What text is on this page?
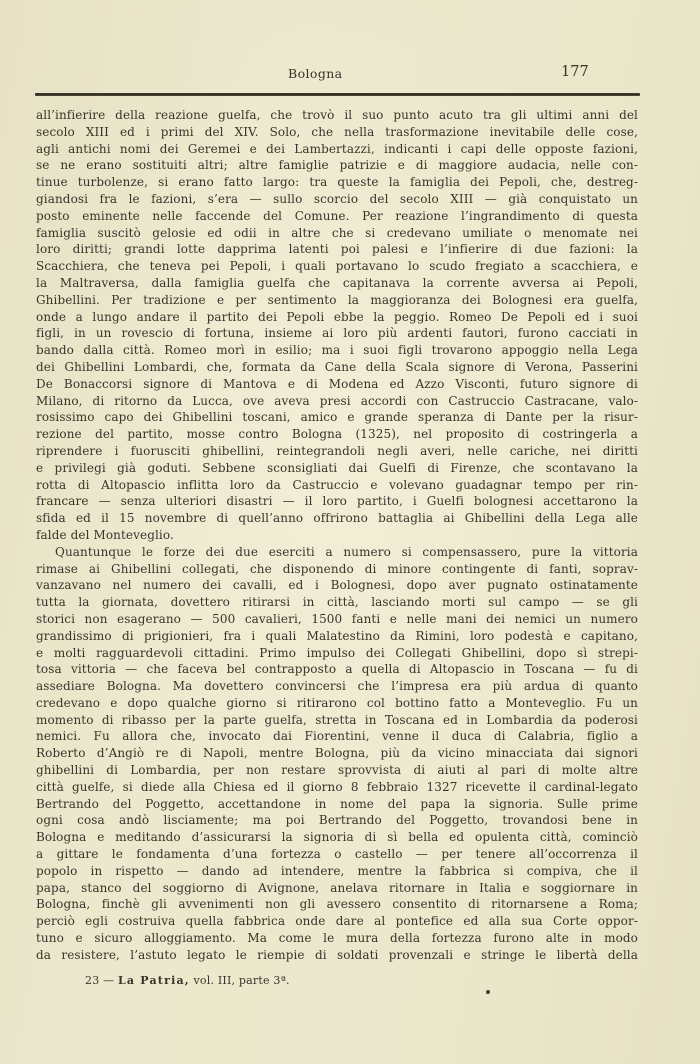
Bologna	177
all’infierire della reazione guelfa, che trovò il suo punto acuto tra gli ultimi anni del
secolo XIII ed i primi del XIV. Solo, che nella trasformazione inevitabile delle cose,
agli antichi nomi dei Geremei e dei Lambertazzi, indicanti i capi delle opposte fazioni,
se ne erano sostituiti altri; altre famiglie patrizie e di maggiore audacia, nelle con-
tinue turbolenze, si erano fatto largo: tra queste la famiglia dei Pepoli, che, destreg-
giandosi fra le fazioni, s’era — sullo scorcio del secolo XIII — già conquistato un
posto eminente nelle faccende del Comune. Per reazione l’ingrandimento di questa
famiglia suscitò gelosie ed odii in altre che si credevano umiliate o menomate nei
loro diritti; grandi lotte dapprima latenti poi palesi e l’infierire di due fazioni: la
Scacchiera, che teneva pei Pepoli, i quali portavano lo scudo fregiato a scacchiera, e
la Maltraversa, dalla famiglia guelfa che capitanava la corrente avversa ai Pepoli,
Ghibellini. Per tradizione e per sentimento la maggioranza dei Bolognesi era guelfa,
onde a lungo andare il partito dei Pepoli ebbe la peggio. Romeo De Pepoli ed i suoi
figli, in un rovescio di fortuna, insieme ai loro più ardenti fautori, furono cacciati in
bando dalla città. Romeo morì in esilio; ma i suoi figli trovarono appoggio nella Lega
dei Ghibellini Lombardi, che, formata da Cane della Scala signore di Verona, Passerini
De Bonaccorsi signore di Mantova e di Modena ed Azzo Visconti, futuro signore di
Milano, di ritorno da Lucca, ove aveva presi accordi con Castruccio Castracane, valo-
rosissimo capo dei Ghibellini toscani, amico e grande speranza di Dante per la risur-
rezione del partito, mosse contro Bologna (1325), nel proposito di costringerla a
riprendere i fuorusciti ghibellini, reintegrandoli negli averi, nelle cariche, nei diritti
e privilegi già goduti. Sebbene sconsigliati dai Guelfi di Firenze, che scontavano la
rotta di Altopascio inflitta loro da Castruccio e volevano guadagnar tempo per rin-
francare — senza ulteriori disastri — il loro partito, i Guelfi bolognesi accettarono la
sfida ed il 15 novembre di quell’anno offrirono battaglia ai Ghibellini della Lega alle
falde del Monteveglio.
Quantunque le forze dei due eserciti a numero si compensassero, pure la vittoria
rimase ai Ghibellini collegati, che disponendo di minore contingente di fanti, soprav-
vanzavano nel numero dei cavalli, ed i Bolognesi, dopo aver pugnato ostinatamente
tutta la giornata, dovettero ritirarsi in città, lasciando morti sul campo — se gli
storici non esagerano — 500 cavalieri, 1500 fanti e nelle mani dei nemici un numero
grandissimo di prigionieri, fra i quali Malatestino da Rimini, loro podestà e capitano,
e molti ragguardevoli cittadini. Primo impulso dei Collegati Ghibellini, dopo sì strepi-
tosa vittoria — che faceva bel contrapposto a quella di Altopascio in Toscana — fu di
assediare Bologna. Ma dovettero convincersi che l’impresa era più ardua di quanto
credevano e dopo qualche giorno si ritirarono col bottino fatto a Monteveglio. Fu un
momento di ribasso per la parte guelfa, stretta in Toscana ed in Lombardia da poderosi
nemici. Fu allora che, invocato dai Fiorentini, venne il duca di Calabria, figlio a
Roberto d’Angiò re di Napoli, mentre Bologna, più da vicino minacciata dai signori
ghibellini di Lombardia, per non restare sprovvista di aiuti al pari di molte altre
città guelfe, si diede alla Chiesa ed il giorno 8 febbraio 1327 ricevette il cardinal-legato
Bertrando del Poggetto, accettandone in nome del papa la signoria. Sulle prime
ogni cosa andò lisciamente; ma poi Bertrando del Poggetto, trovandosi bene in
Bologna e meditando d’assicurarsi la signoria di sì bella ed opulenta città, cominciò
a gittare le fondamenta d’una fortezza o castello — per tenere all’occorrenza il
popolo in rispetto — dando ad intendere, mentre la fabbrica si compiva, che il
papa, stanco del soggiorno di Avignone, anelava ritornare in Italia e soggiornare in
Bologna, finchè gli avvenimenti non gli avessero consentito di ritornarsene a Roma;
perciò egli costruiva quella fabbrica onde dare al pontefice ed alla sua Corte oppor-
tuno e sicuro alloggiamento. Ma come le mura della fortezza furono alte in modo
da resistere, l’astuto legato le riempie di soldati provenzali e stringe le libertà della
23 — La Patria, vol. III, parte 3ª.
